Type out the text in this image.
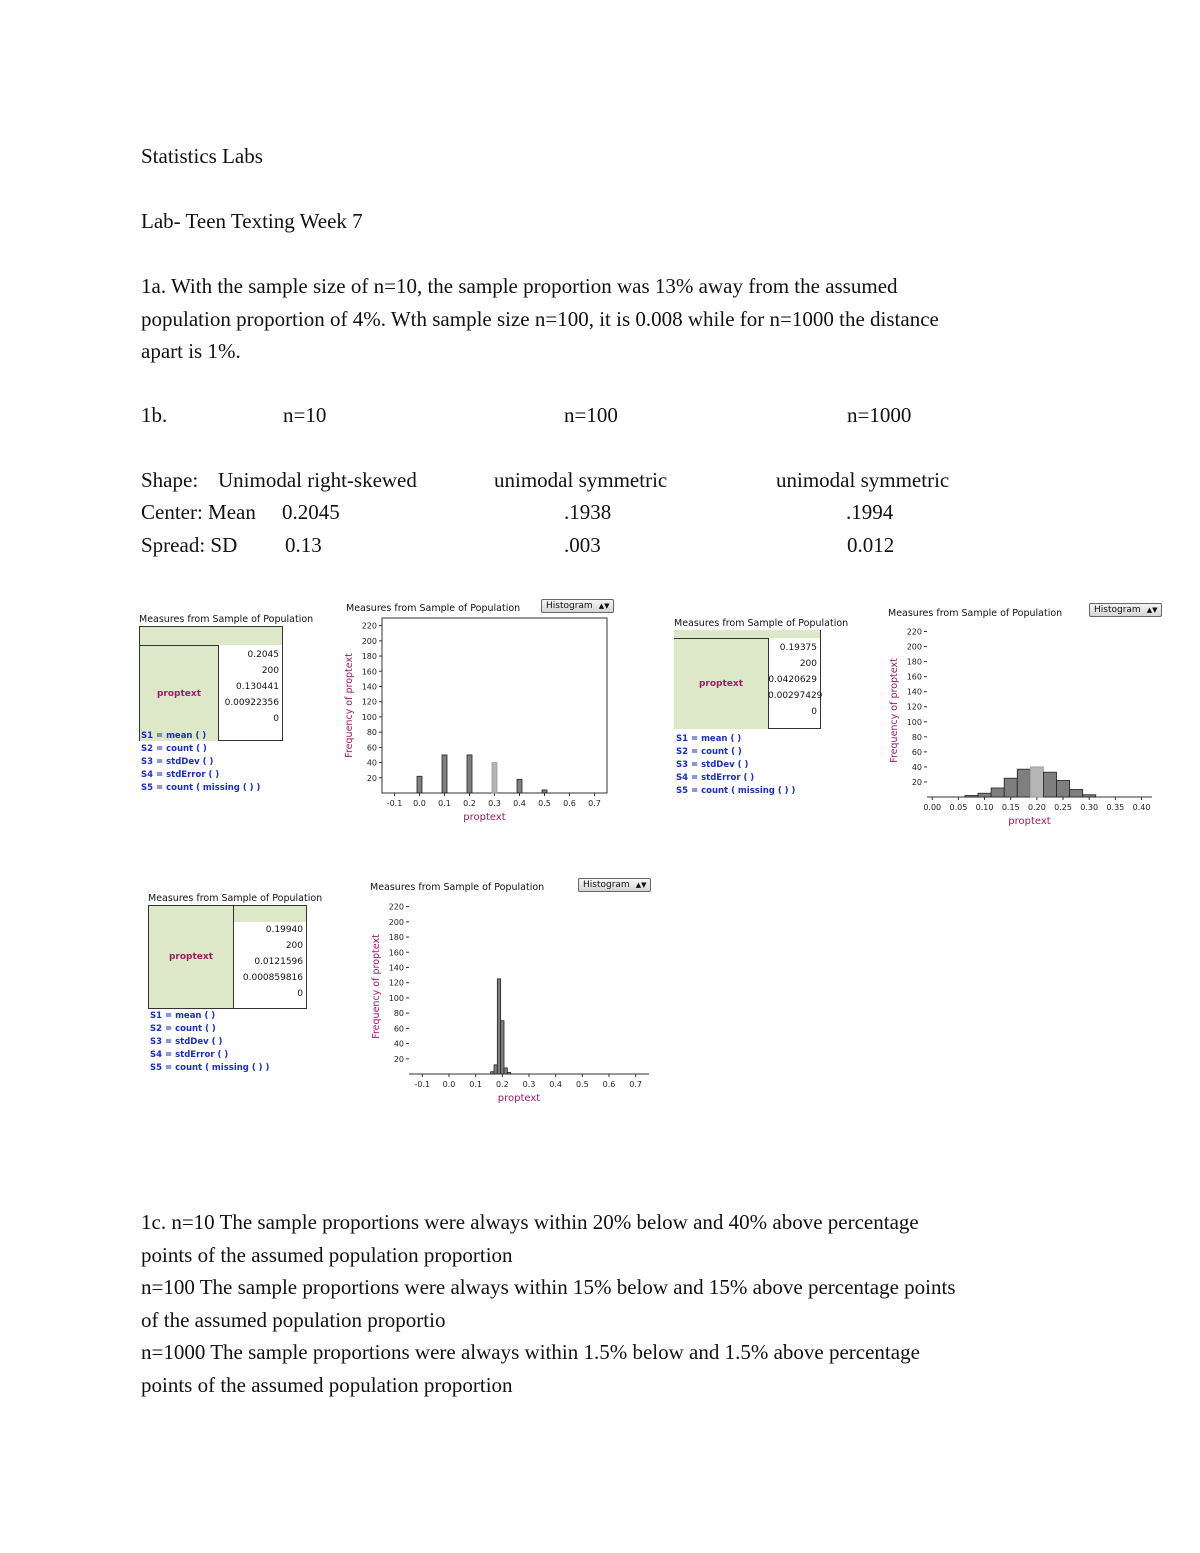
Statistics Labs
Lab- Teen Texting Week 7
1a. With the sample size of n=10, the sample proportion was 13% away from the assumed
population proportion of 4%. Wth sample size n=100, it is 0.008 while for n=1000 the distance
apart is 1%.
1b.	n=10	n=100	n=1000
Shape: Unimodal right-skewed	unimodal symmetric	unimodal symmetric
Center: Mean 0.2045	.1938	.1994
Spread: SD 0.13	.003	0.012
Measures from Sample of Population
proptext
0.2045
200
0.130441
0.00922356
0
S1 = mean ( )
S2 = count ( )
S3 = stdDev ( )
S4 = stdError ( )
S5 = count ( missing ( ) )
Measures from Sample of Population
proptext
0.19375
200
0.0420629
0.00297429
0
S1 = mean ( )
S2 = count ( )
S3 = stdDev ( )
S4 = stdError ( )
S5 = count ( missing ( ) )
Measures from Sample of Population
proptext
0.19940
200
0.0121596
0.000859816
0
S1 = mean ( )
S2 = count ( )
S3 = stdDev ( )
S4 = stdError ( )
S5 = count ( missing ( ) )
Measures from Sample of Population	Histogram ▲▼
20
40
60
80
100
120
140
160
180
200
220
-0.1 0.0 0.1 0.2 0.3 0.4 0.5 0.6 0.7
proptext
Frequency of proptext
Measures from Sample of Population	Histogram ▲▼
20
40
60
80
100
120
140
160
180
200
220
0.00 0.05 0.10 0.15 0.20 0.25 0.30 0.35 0.40
proptext
Frequency of proptext
Measures from Sample of Population	Histogram ▲▼
20
40
60
80
100
120
140
160
180
200
220
-0.1 0.0 0.1 0.2 0.3 0.4 0.5 0.6 0.7
proptext
Frequency of proptext
1c. n=10 The sample proportions were always within 20% below and 40% above percentage
points of the assumed population proportion
n=100 The sample proportions were always within 15% below and 15% above percentage points
of the assumed population proportio
n=1000 The sample proportions were always within 1.5% below and 1.5% above percentage
points of the assumed population proportion
